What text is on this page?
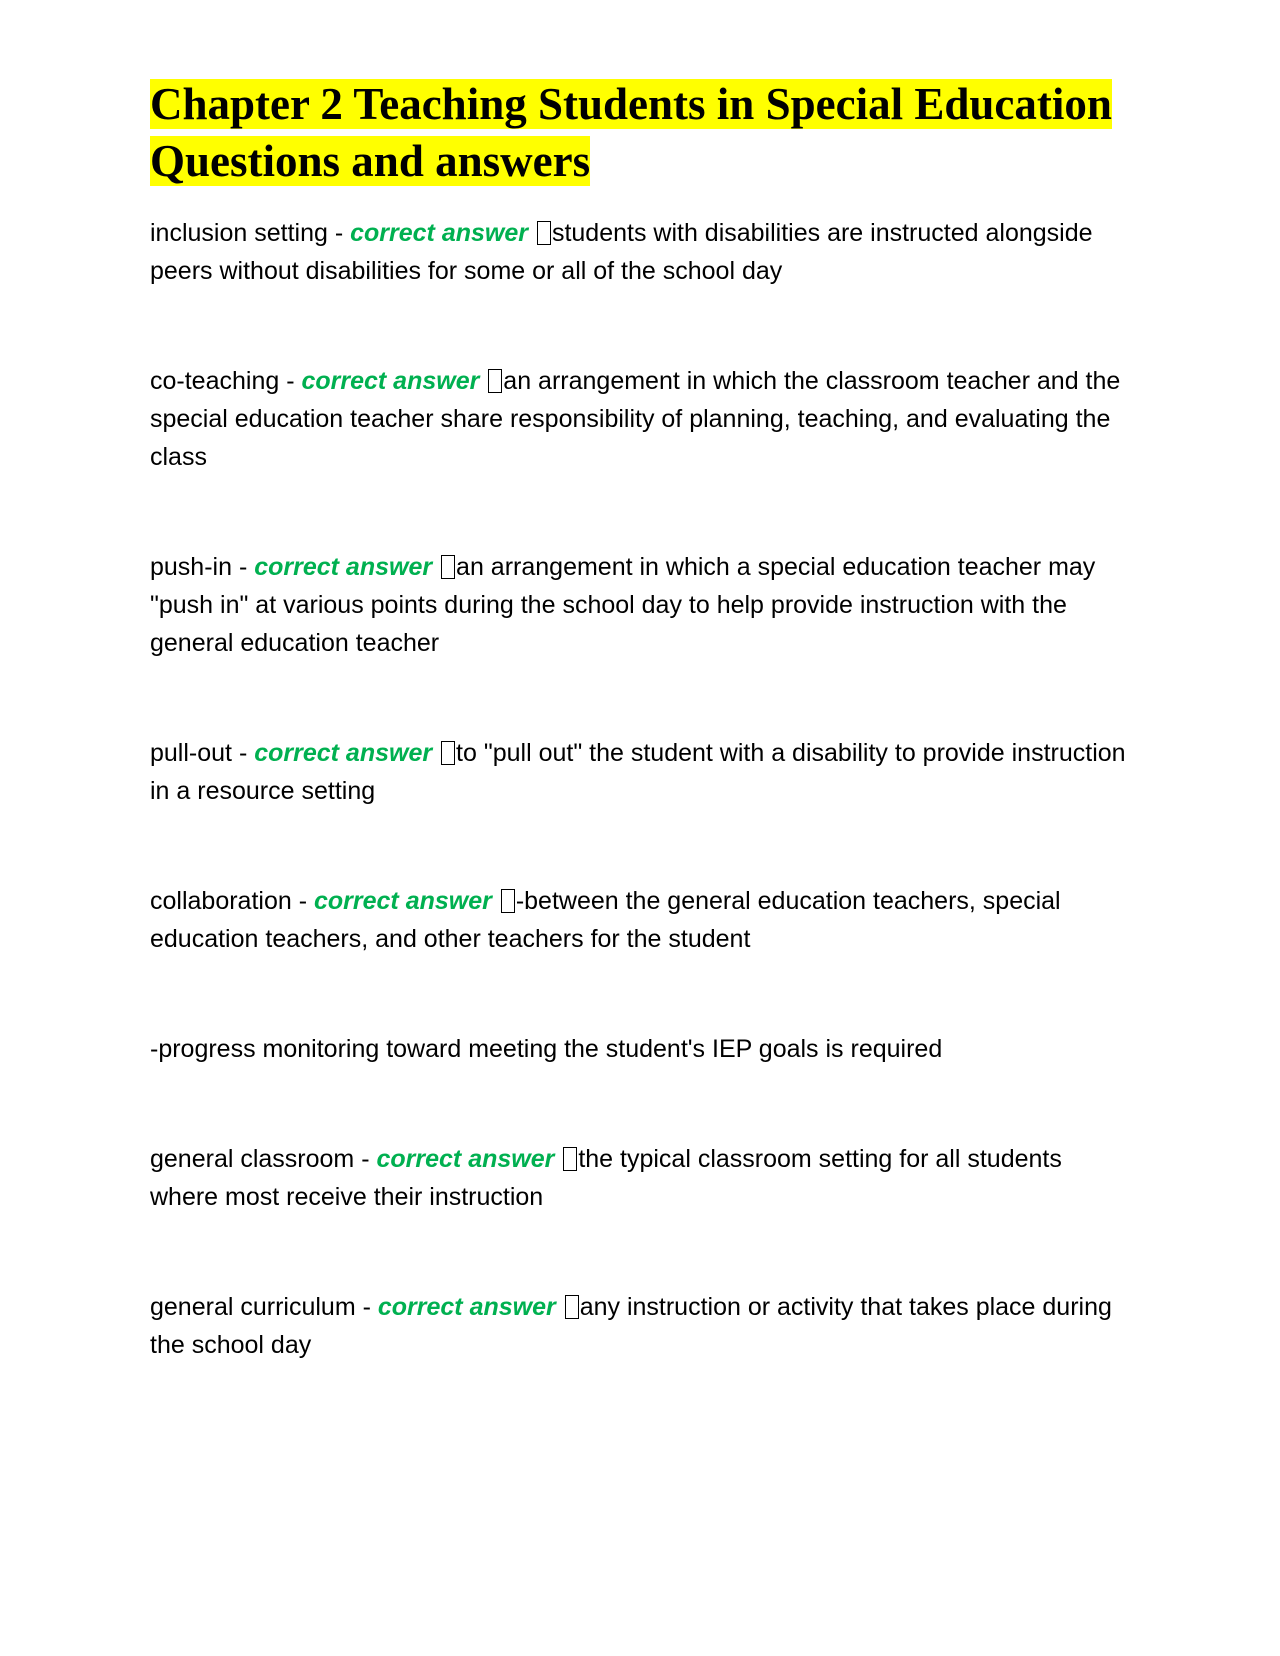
Chapter 2 Teaching Students in Special Education Questions and answers

inclusion setting - correct answer students with disabilities are instructed alongside peers without disabilities for some or all of the school day

co-teaching - correct answer an arrangement in which the classroom teacher and the special education teacher share responsibility of planning, teaching, and evaluating the class

push-in - correct answer an arrangement in which a special education teacher may "push in" at various points during the school day to help provide instruction with the general education teacher

pull-out - correct answer to "pull out" the student with a disability to provide instruction in a resource setting

collaboration - correct answer -between the general education teachers, special education teachers, and other teachers for the student

-progress monitoring toward meeting the student's IEP goals is required

general classroom - correct answer the typical classroom setting for all students where most receive their instruction

general curriculum - correct answer any instruction or activity that takes place during the school day
